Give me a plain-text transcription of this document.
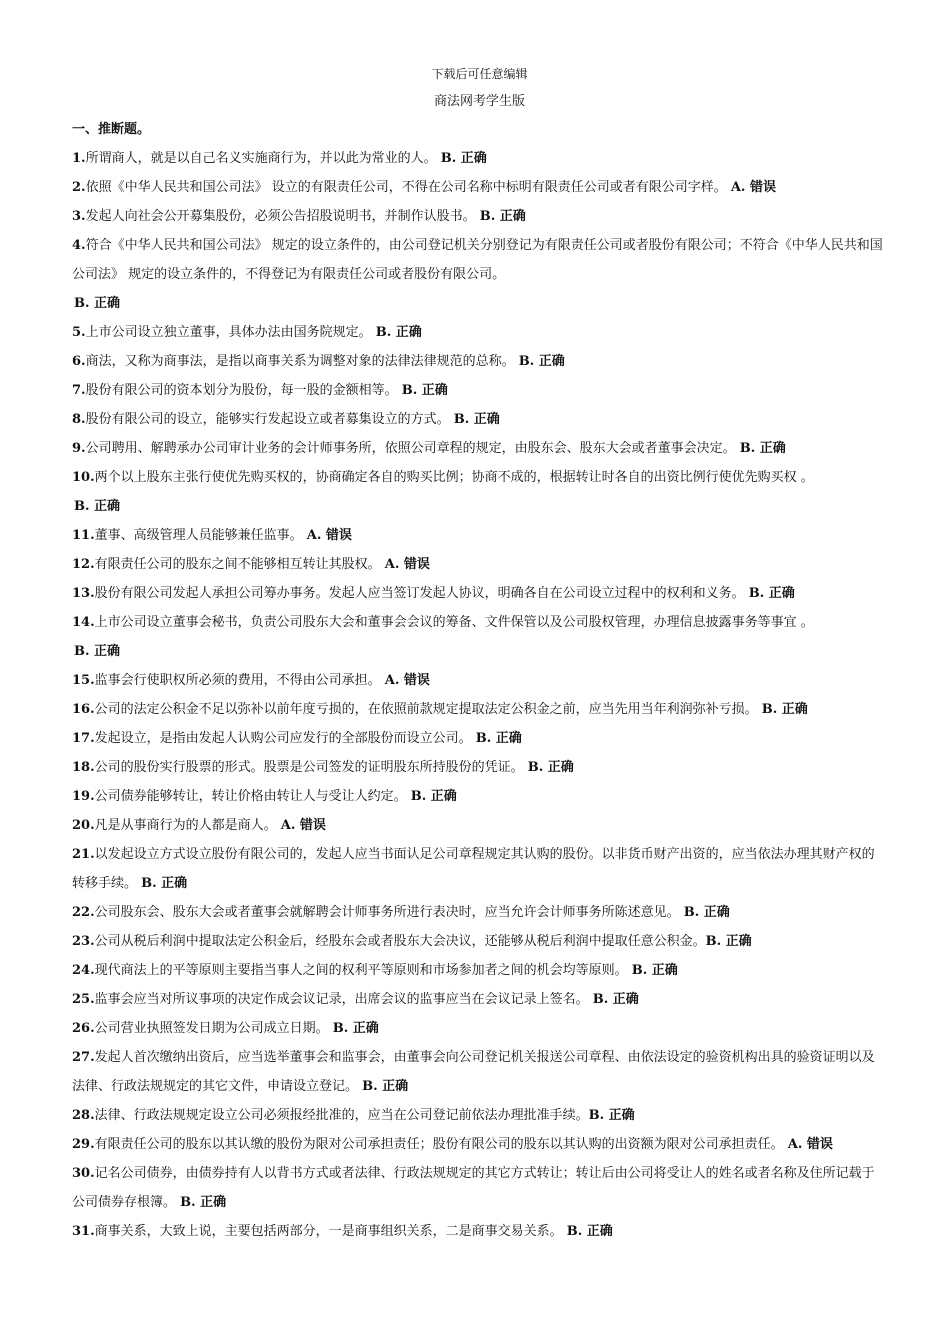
下载后可任意编辑

商法网考学生版

一、推断题。

1.所谓商人，就是以自己名义实施商行为，并以此为常业的人。 B. 正确

2.依照《中华人民共和国公司法》 设立的有限责任公司，不得在公司名称中标明有限责任公司或者有限公司字样。 A. 错误

3.发起人向社会公开募集股份，必须公告招股说明书，并制作认股书。 B. 正确

4.符合《中华人民共和国公司法》 规定的设立条件的，由公司登记机关分别登记为有限责任公司或者股份有限公司；不符合《中华人民共和国公司法》 规定的设立条件的，不得登记为有限责任公司或者股份有限公司。
B. 正确

5.上市公司设立独立董事，具体办法由国务院规定。 B. 正确

6.商法，又称为商事法，是指以商事关系为调整对象的法律法律规范的总称。 B. 正确

7.股份有限公司的资本划分为股份，每一股的金额相等。 B. 正确

8.股份有限公司的设立，能够实行发起设立或者募集设立的方式。 B. 正确

9.公司聘用、解聘承办公司审计业务的会计师事务所，依照公司章程的规定，由股东会、股东大会或者董事会决定。 B. 正确

10.两个以上股东主张行使优先购买权的，协商确定各自的购买比例；协商不成的，根据转让时各自的出资比例行使优先购买权 。
B. 正确

11.董事、高级管理人员能够兼任监事。 A. 错误

12.有限责任公司的股东之间不能够相互转让其股权。 A. 错误

13.股份有限公司发起人承担公司筹办事务。发起人应当签订发起人协议，明确各自在公司设立过程中的权利和义务。 B. 正确

14.上市公司设立董事会秘书，负责公司股东大会和董事会会议的筹备、文件保管以及公司股权管理，办理信息披露事务等事宜 。
B. 正确

15.监事会行使职权所必须的费用，不得由公司承担。 A. 错误

16.公司的法定公积金不足以弥补以前年度亏损的，在依照前款规定提取法定公积金之前，应当先用当年利润弥补亏损。 B. 正确

17.发起设立，是指由发起人认购公司应发行的全部股份而设立公司。 B. 正确

18.公司的股份实行股票的形式。股票是公司签发的证明股东所持股份的凭证。 B. 正确

19.公司债券能够转让，转让价格由转让人与受让人约定。 B. 正确

20.凡是从事商行为的人都是商人。 A. 错误

21.以发起设立方式设立股份有限公司的，发起人应当书面认足公司章程规定其认购的股份。以非货币财产出资的，应当依法办理其财产权的转移手续。 B. 正确

22.公司股东会、股东大会或者董事会就解聘会计师事务所进行表决时，应当允许会计师事务所陈述意见。 B. 正确

23.公司从税后利润中提取法定公积金后，经股东会或者股东大会决议，还能够从税后利润中提取任意公积金。B. 正确

24.现代商法上的平等原则主要指当事人之间的权利平等原则和市场参加者之间的机会均等原则。 B. 正确

25.监事会应当对所议事项的决定作成会议记录，出席会议的监事应当在会议记录上签名。 B. 正确

26.公司营业执照签发日期为公司成立日期。 B. 正确

27.发起人首次缴纳出资后，应当选举董事会和监事会，由董事会向公司登记机关报送公司章程、由依法设定的验资机构出具的验资证明以及法律、行政法规规定的其它文件，申请设立登记。 B. 正确

28.法律、行政法规规定设立公司必须报经批准的，应当在公司登记前依法办理批准手续。B. 正确

29.有限责任公司的股东以其认缴的股份为限对公司承担责任；股份有限公司的股东以其认购的出资额为限对公司承担责任。 A. 错误

30.记名公司债券，由债券持有人以背书方式或者法律、行政法规规定的其它方式转让；转让后由公司将受让人的姓名或者名称及住所记载于公司债券存根簿。 B. 正确

31.商事关系，大致上说，主要包括两部分，一是商事组织关系，二是商事交易关系。 B. 正确
